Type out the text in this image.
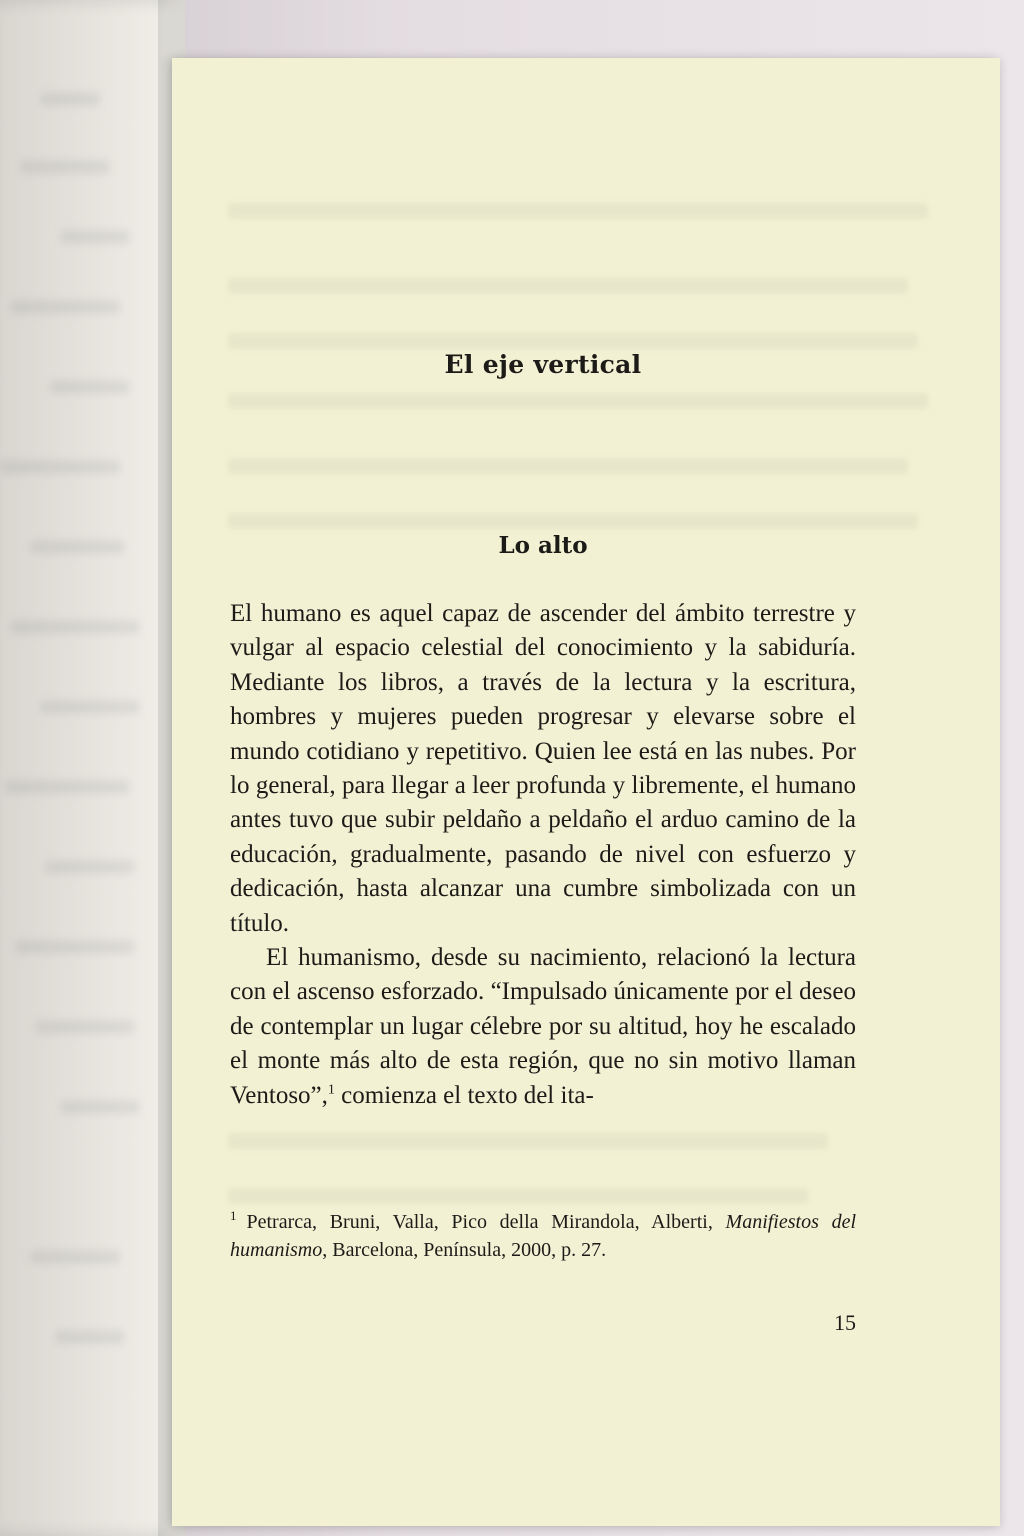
El eje vertical
Lo alto

El humano es aquel capaz de ascender del ámbito terrestre y vulgar al espacio celestial del conocimiento y la sabiduría. Mediante los libros, a través de la lectura y la escritura, hombres y mujeres pueden progresar y elevarse sobre el mundo cotidiano y repetitivo. Quien lee está en las nubes. Por lo general, para llegar a leer profunda y libremente, el humano antes tuvo que subir peldaño a peldaño el arduo camino de la educación, gradualmente, pasando de nivel con esfuerzo y dedicación, hasta alcanzar una cumbre simbolizada con un título.

El humanismo, desde su nacimiento, relacionó la lectura con el ascenso esforzado. “Impulsado únicamente por el deseo de contemplar un lugar célebre por su altitud, hoy he escalado el monte más alto de esta región, que no sin motivo llaman Ventoso”,$^1$ comienza el texto del ita-

$^1$ Petrarca, Bruni, Valla, Pico della Mirandola, Alberti, Manifiestos del humanismo, Barcelona, Península, 2000, p. 27.
15
